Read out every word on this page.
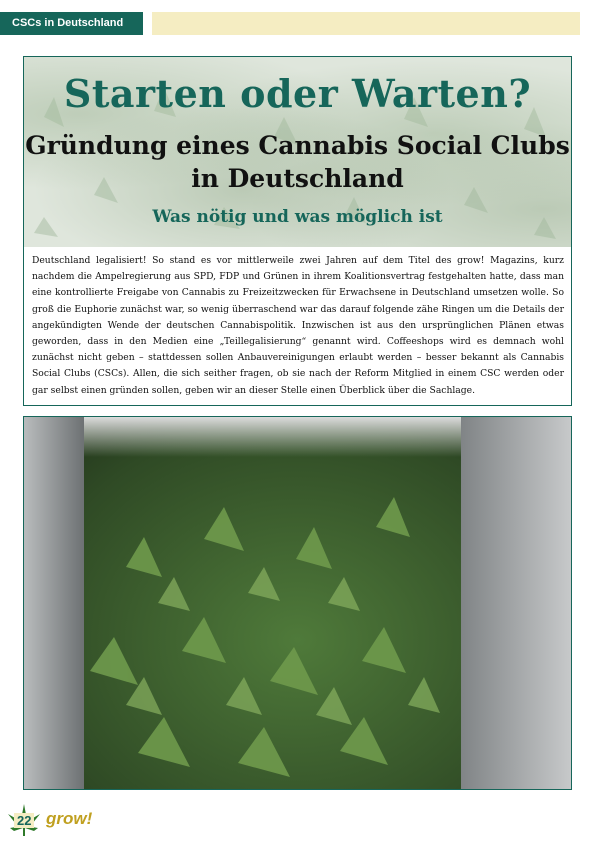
CSCs in Deutschland
Starten oder Warten?
Gründung eines Cannabis Social Clubs
in Deutschland
Was nötig und was möglich ist

Deutschland legalisiert! So stand es vor mittlerweile zwei Jahren auf dem Titel des grow! Magazins, kurz nachdem die Ampelregierung aus SPD, FDP und Grünen in ihrem Koalitionsvertrag festgehalten hatte, dass man eine kontrollierte Freigabe von Cannabis zu Freizeitzwecken für Erwachsene in Deutschland umsetzen wolle. So groß die Euphorie zunächst war, so wenig überraschend war das darauf folgende zähe Ringen um die Details der angekündigten Wende der deutschen Cannabispolitik. Inzwischen ist aus den ursprünglichen Plänen etwas geworden, dass in den Medien eine „Teillegalisierung“ genannt wird. Coffeeshops wird es demnach wohl zunächst nicht geben – stattdessen sollen Anbauvereinigungen erlaubt werden – besser bekannt als Cannabis Social Clubs (CSCs). Allen, die sich seither fragen, ob sie nach der Reform Mitglied in einem CSC werden oder gar selbst einen gründen sollen, geben wir an dieser Stelle einen Überblick über die Sachlage.

22 grow!
